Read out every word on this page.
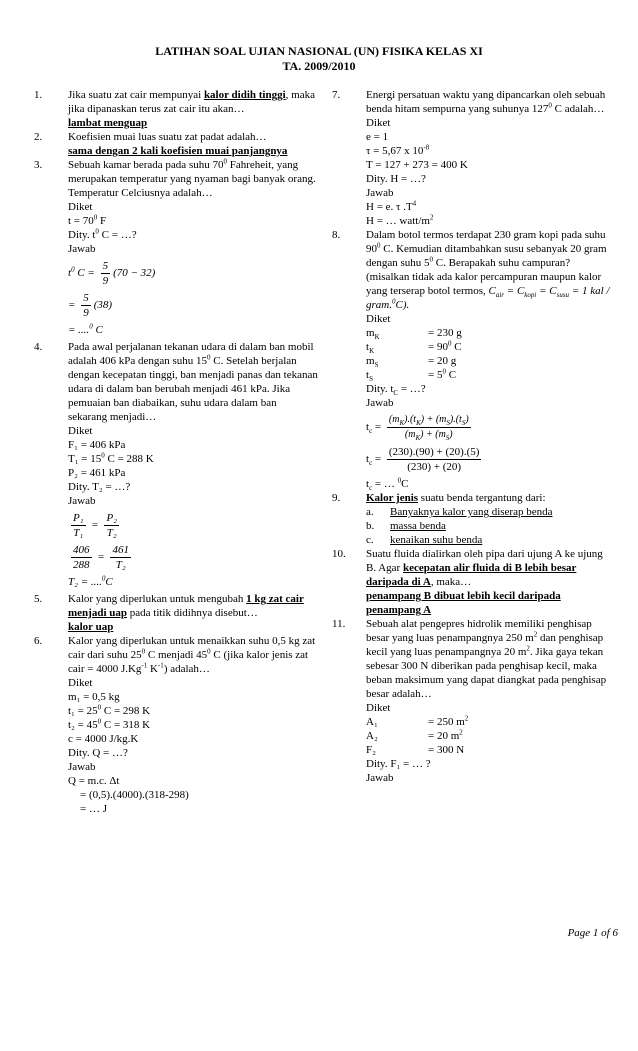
LATIHAN SOAL UJIAN NASIONAL (UN) FISIKA KELAS XI
TA. 2009/2010
1. Jika suatu zat cair mempunyai kalor didih tinggi, maka jika dipanaskan terus zat cair itu akan…
lambat menguap
2. Koefisien muai luas suatu zat padat adalah…
sama dengan 2 kali koefisien muai panjangnya
3. Sebuah kamar berada pada suhu $70^0$ Fahreheit, yang merupakan temperatur yang nyaman bagi banyak orang. Temperatur Celciusnya adalah…
Diket
$t = 70^0$ F
Dity. $t^0$ C = …?
Jawab
$t^0$ $C = \frac{5}{9} (70 - 32)$
= $\frac{5}{9} (38)$
= ....$^0$ C
4. Pada awal perjalanan tekanan udara di dalam ban mobil adalah 406 kPa dengan suhu $15^0$ C. Setelah berjalan dengan kecepatan tinggi, ban menjadi panas dan tekanan udara di dalam ban berubah menjadi 461 kPa. Jika pemuaian ban diabaikan, suhu udara dalam ban sekarang menjadi…
Diket
F₁ = 406 kPa
$T_1 = 15^0$ C = 288 K
P₂ = 461 kPa
Dity. T₂ = …?
Jawab
$\frac{\text{P₁}}{\text{T₁}} = \frac{\text{P₂}}{\text{T₂}}$
$\frac{406}{288} = \frac{461}{\text{T₂}}$
T₂ = ....$^0$C
5. Kalor yang diperlukan untuk mengubah 1 kg zat cair menjadi uap pada titik didihnya disebut…
kalor uap
6. Kalor yang diperlukan untuk menaikkan suhu 0,5 kg zat cair dari suhu $25^0$ C menjadi $45^0$ C (jika kalor jenis zat cair = 4000 $J.Kg^{-1}$ $K^{-1}$) adalah…
Diket
m₁ = 0,5 kg
$t_1 = 25^0$ C = 298 K
$t_2 = 45^0$ C = 318 K
c = 4000 J/kg.K
Dity. Q = …?
Jawab
Q = m.c. Δt
= (0,5).(4000).(318-298)
= … J
7. Energi persatuan waktu yang dipancarkan oleh sebuah benda hitam sempurna yang suhunya $127^0$ C adalah…
Diket
e = 1
τ = 5,67 x $10^{-8}$
T = 127 + 273 = 400 K
Dity. H = …?
Jawab
H = e. τ $.T^4$
H = … watt/$m^2$
8. Dalam botol termos terdapat 230 gram kopi pada suhu $90^0$ C. Kemudian ditambahkan susu sebanyak 20 gram dengan suhu $5^0$ C. Berapakah suhu campuran? (misalkan tidak ada kalor percampuran maupun kalor yang terserap botol termos, $C_{air} = C_{kopi} = C_{susu} = 1$ kal / gram.$^0$C).
Diket
$m_K$	= 230 g
$t_K$	= $90^0$ C
$m_S$	= 20 g
$t_S$	= $5^0$ C
Dity. $t_C$ = …?
Jawab
$t_c = \frac{(m_K).(t_K) + (m_S).(t_S)}{(m_K) + (m_S)}$
$t_c = \frac{(230).(90) + (20).(5)}{(230) + (20)}$
$t_c$ = … $^0$C
9. Kalor jenis suatu benda tergantung dari:
a. Banyaknya kalor yang diserap benda
b. massa benda
c. kenaikan suhu benda
10. Suatu fluida dialirkan oleh pipa dari ujung A ke ujung B. Agar kecepatan alir fluida di B lebih besar daripada di A, maka…
penampang B dibuat lebih kecil daripada penampang A
11. Sebuah alat pengepres hidrolik memiliki penghisap besar yang luas penampangnya 250 $m^2$ dan penghisap kecil yang luas penampangnya 20 $m^2$. Jika gaya tekan sebesar 300 N diberikan pada penghisap kecil, maka beban maksimum yang dapat diangkat pada penghisap besar adalah…
Diket
A₁	= 250 $m^2$
A₂	= 20 $m^2$
F₂	= 300 N
Dity. F₁ = … ?
Jawab
Page 1 of 6
